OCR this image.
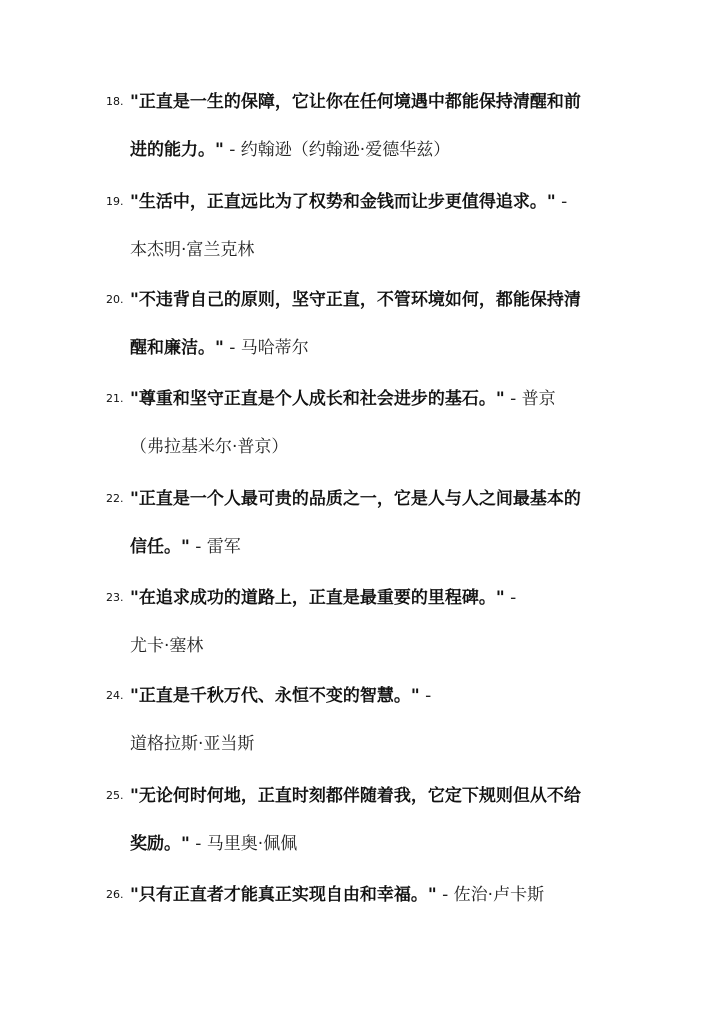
18. "正直是一生的保障，它让你在任何境遇中都能保持清醒和前
进的能力。" - 约翰逊（约翰逊·爱德华兹）
19. "生活中，正直远比为了权势和金钱而让步更值得追求。" -
本杰明·富兰克林
20. "不违背自己的原则，坚守正直，不管环境如何，都能保持清
醒和廉洁。" - 马哈蒂尔
21. "尊重和坚守正直是个人成长和社会进步的基石。" - 普京
（弗拉基米尔·普京）
22. "正直是一个人最可贵的品质之一，它是人与人之间最基本的
信任。" - 雷军
23. "在追求成功的道路上，正直是最重要的里程碑。" -
尤卡·塞林
24. "正直是千秋万代、永恒不变的智慧。" -
道格拉斯·亚当斯
25. "无论何时何地，正直时刻都伴随着我，它定下规则但从不给
奖励。" - 马里奥·佩佩
26. "只有正直者才能真正实现自由和幸福。" - 佐治·卢卡斯
